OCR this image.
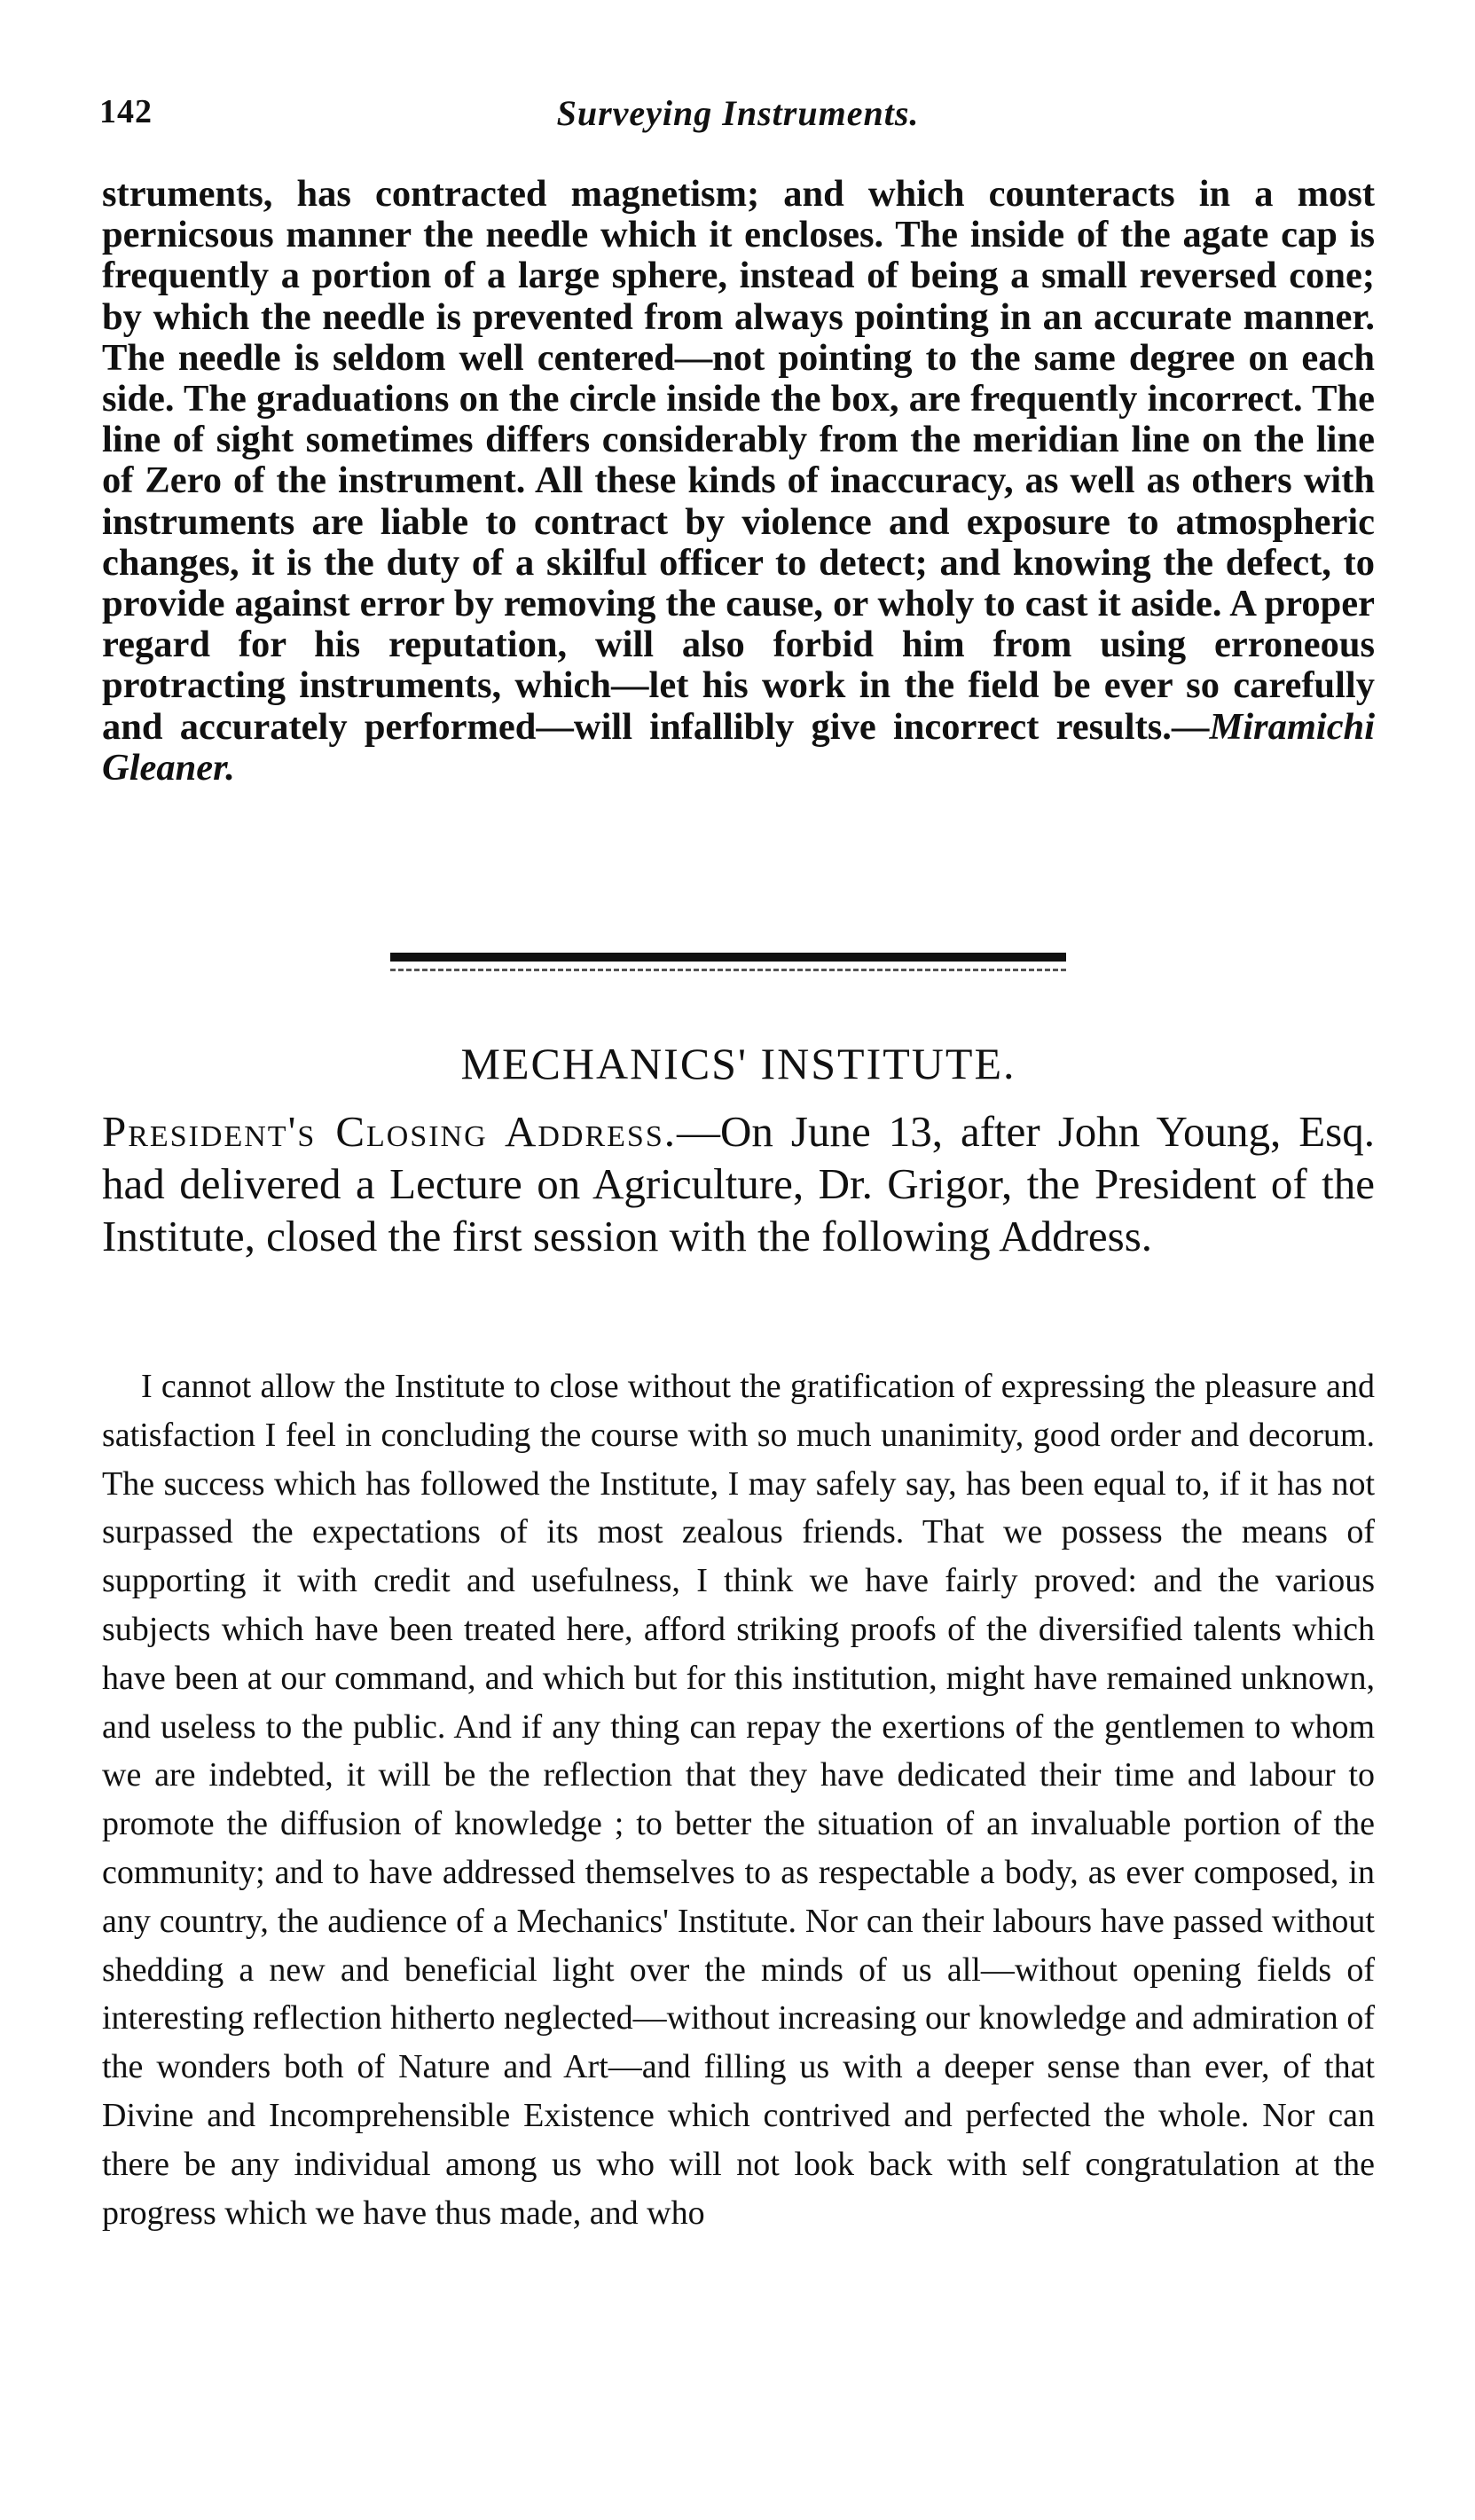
142	Surveying Instruments.
struments, has contracted magnetism; and which counteracts in a most pernicsous manner the needle which it encloses. The inside of the agate cap is frequently a portion of a large sphere, instead of being a small reversed cone; by which the needle is prevented from always pointing in an accurate manner. The needle is seldom well centered—not pointing to the same degree on each side. The graduations on the circle inside the box, are frequently incorrect. The line of sight sometimes differs considerably from the meridian line on the line of Zero of the instrument. All these kinds of inaccuracy, as well as others with instruments are liable to contract by violence and exposure to atmospheric changes, it is the duty of a skilful officer to detect; and knowing the defect, to provide against error by removing the cause, or wholy to cast it aside. A proper regard for his reputation, will also forbid him from using erroneous protracting instruments, which—let his work in the field be ever so carefully and accurately performed—will infallibly give incorrect results.—Miramichi Gleaner.
MECHANICS' INSTITUTE.
President's Closing Address.—On June 13, after John Young, Esq. had delivered a Lecture on Agriculture, Dr. Grigor, the President of the Institute, closed the first session with the following Address.
I cannot allow the Institute to close without the gratification of expressing the pleasure and satisfaction I feel in concluding the course with so much unanimity, good order and decorum. The success which has followed the Institute, I may safely say, has been equal to, if it has not surpassed the expectations of its most zealous friends. That we possess the means of supporting it with credit and usefulness, I think we have fairly proved: and the various subjects which have been treated here, afford striking proofs of the diversified talents which have been at our command, and which but for this institution, might have remained unknown, and useless to the public. And if any thing can repay the exertions of the gentlemen to whom we are indebted, it will be the reflection that they have dedicated their time and labour to promote the diffusion of knowledge ; to better the situation of an invaluable portion of the community; and to have addressed themselves to as respectable a body, as ever composed, in any country, the audience of a Mechanics' Institute. Nor can their labours have passed without shedding a new and beneficial light over the minds of us all—without opening fields of interesting reflection hitherto neglected—without increasing our knowledge and admiration of the wonders both of Nature and Art—and filling us with a deeper sense than ever, of that Divine and Incomprehensible Existence which contrived and perfected the whole. Nor can there be any individual among us who will not look back with self congratulation at the progress which we have thus made, and who
